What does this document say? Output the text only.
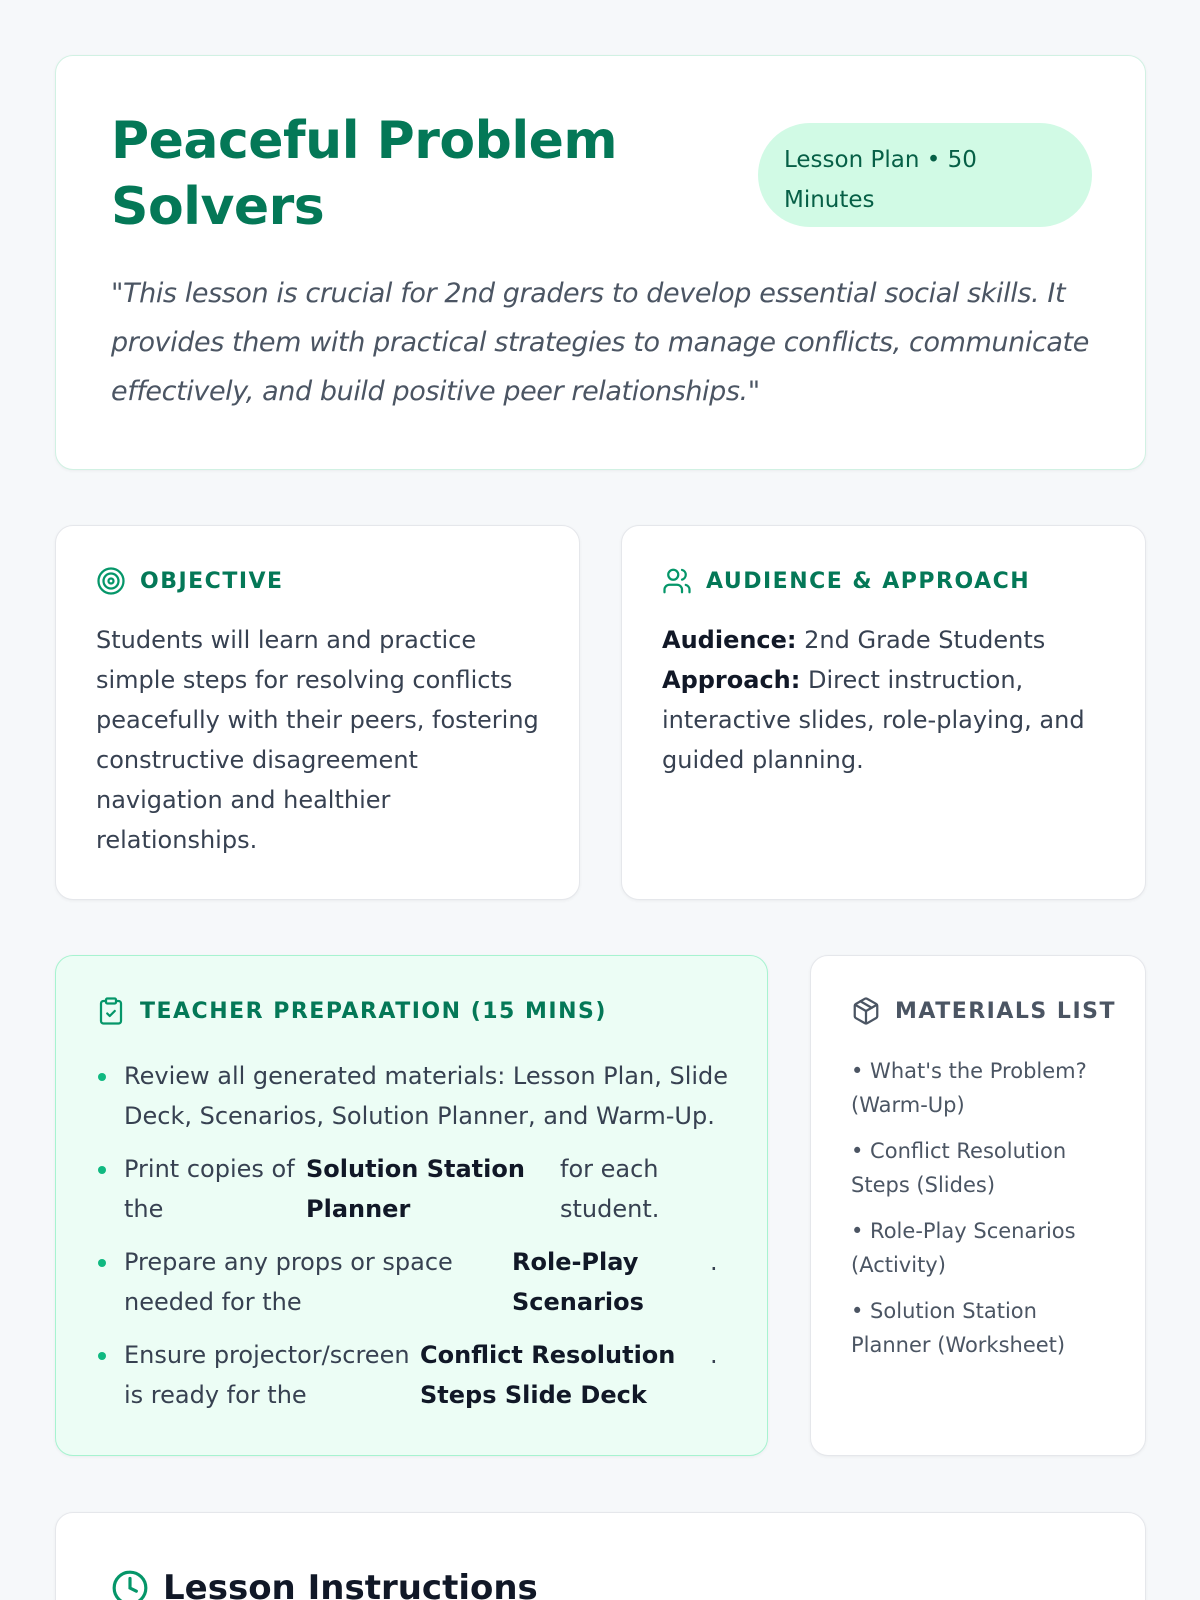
Peaceful Problem Solvers
Lesson Plan • 50 Minutes

"This lesson is crucial for 2nd graders to develop essential social skills. It provides them with practical strategies to manage conflicts, communicate effectively, and build positive peer relationships."

OBJECTIVE

Students will learn and practice simple steps for resolving conflicts peacefully with their peers, fostering constructive disagreement navigation and healthier relationships.

AUDIENCE & APPROACH
Audience: 2nd Grade Students
Approach: Direct instruction, interactive slides, role-playing, and guided planning.
TEACHER PREPARATION (15 MINS)
Review all generated materials: Lesson Plan, Slide Deck, Scenarios, Solution Planner, and Warm-Up.
Print copies of the
Solution Station Planner
for each student.
Prepare any props or space needed for the
Role-Play Scenarios
.
Ensure projector/screen is ready for the
Conflict Resolution Steps Slide Deck
.
MATERIALS LIST
• What's the Problem? (Warm-Up)
• Conflict Resolution Steps (Slides)
• Role-Play Scenarios (Activity)
• Solution Station Planner (Worksheet)
Lesson Instructions
